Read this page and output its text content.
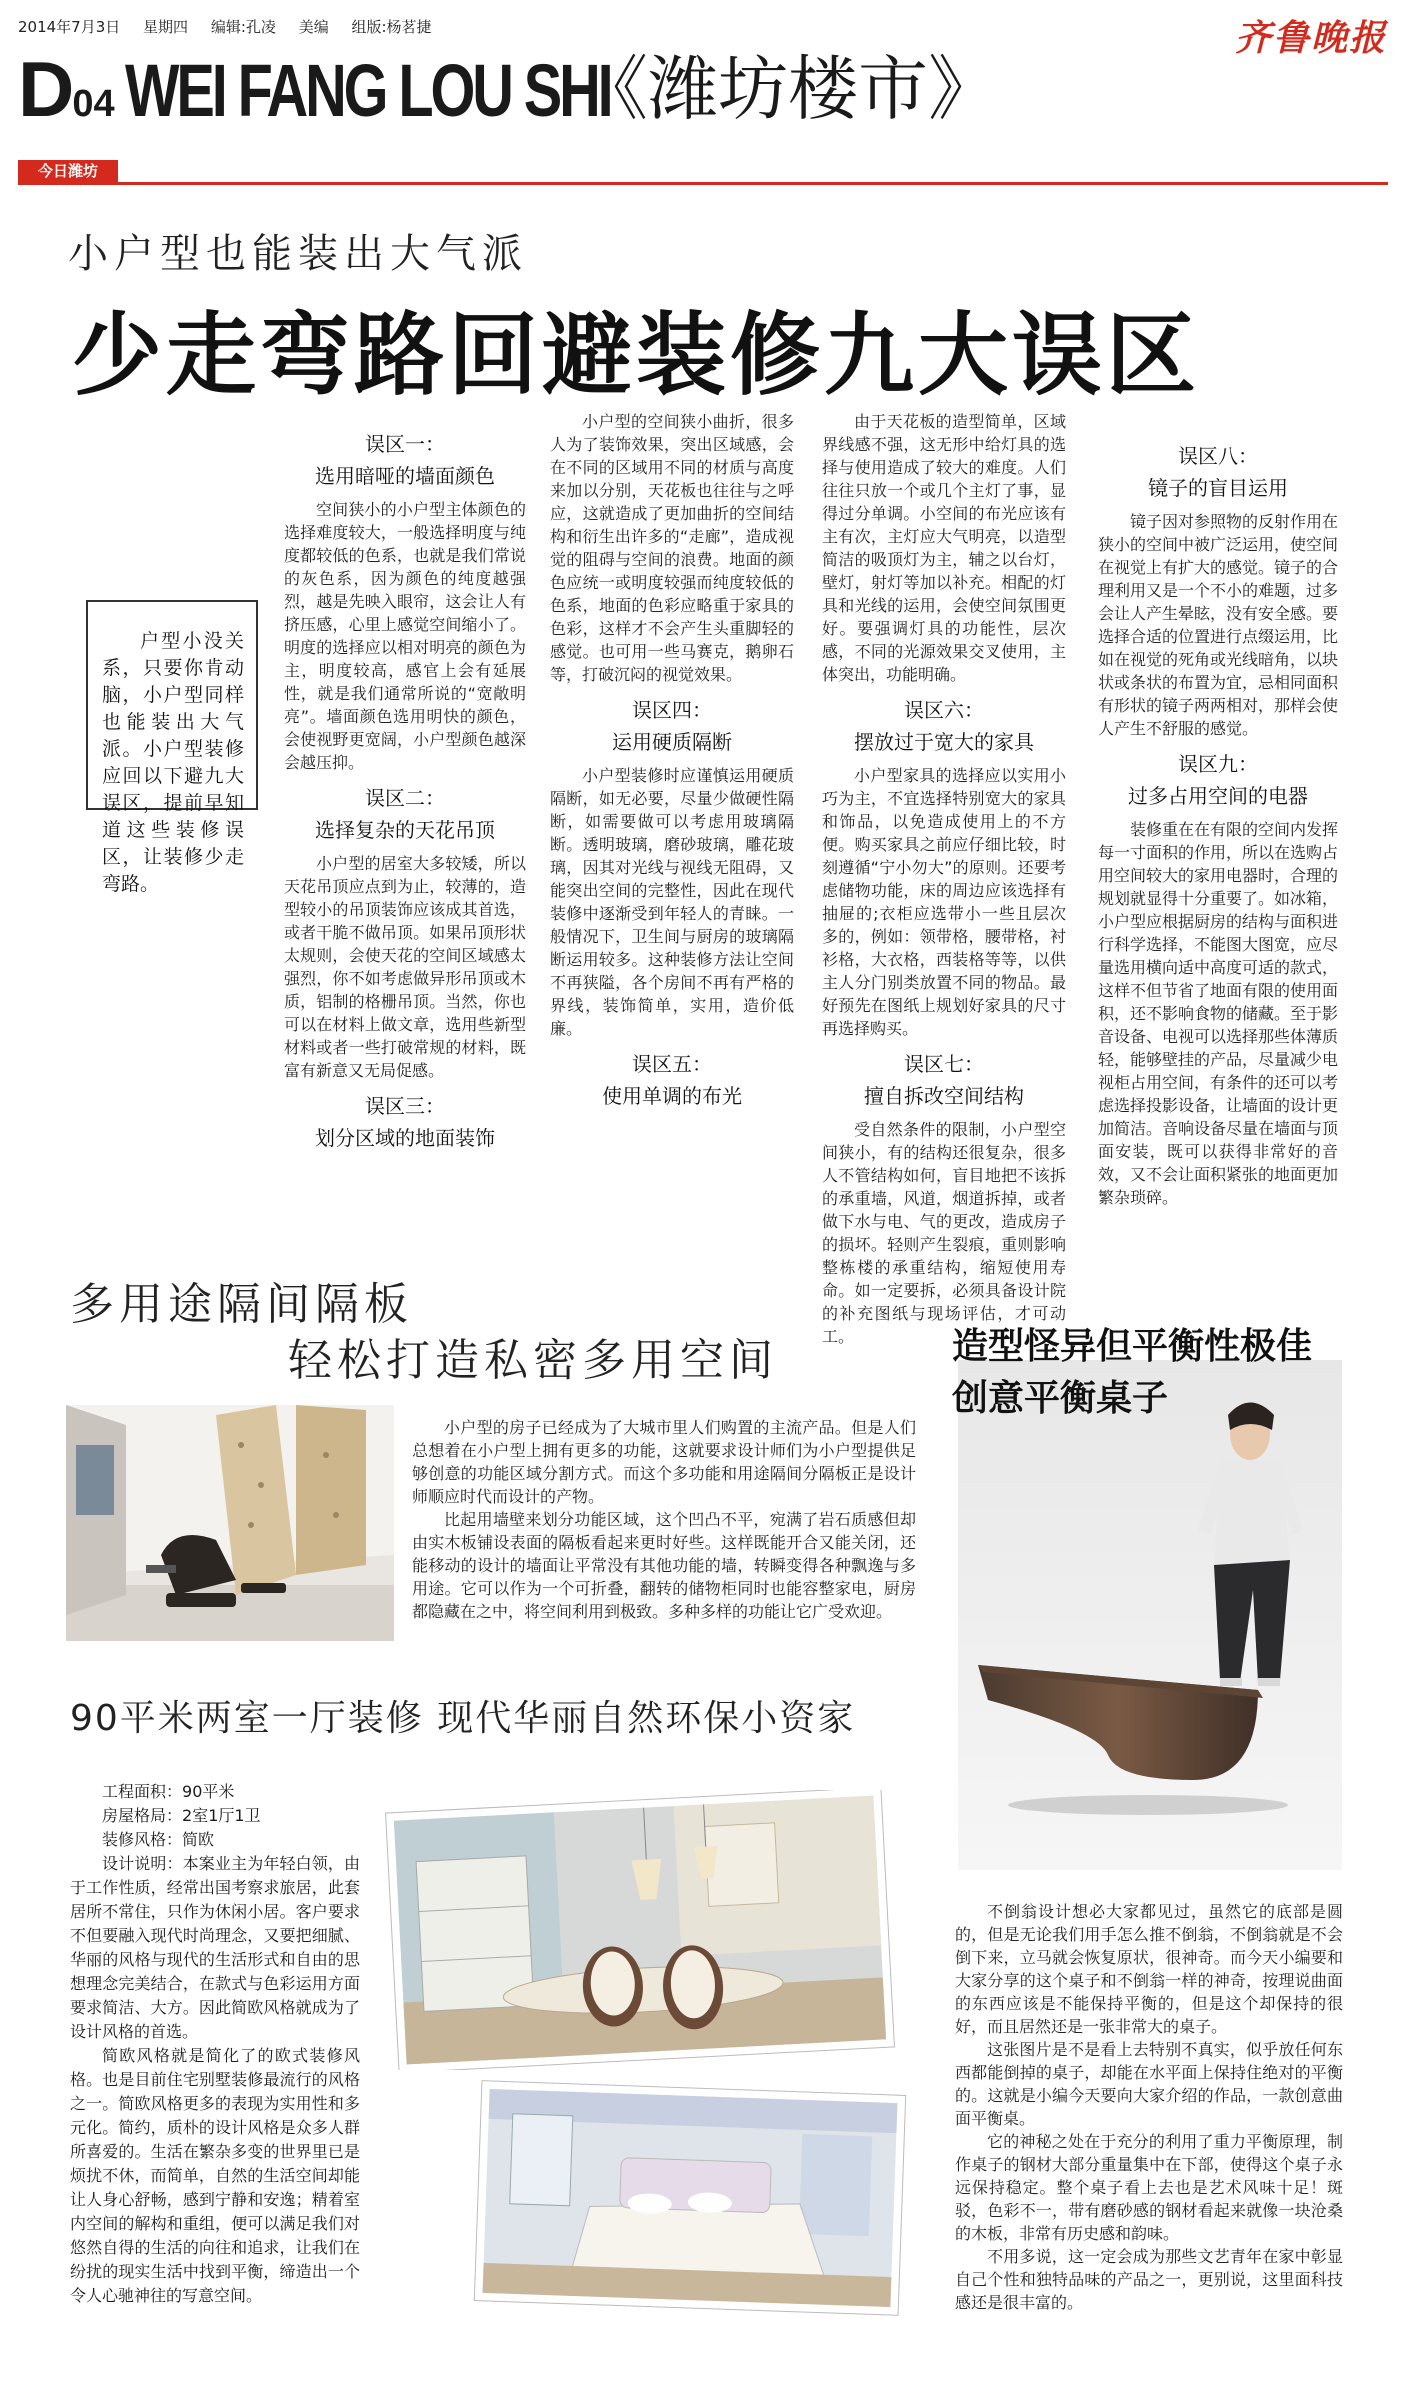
2014年7月3日 星期四 编辑:孔凌 美编 组版:杨茗捷	齐鲁晚报
D04 WEI FANG LOU SHI
《潍坊楼市》
今日潍坊
小户型也能装出大气派
少走弯路回避装修九大误区
户型小没关系，只要你肯动脑，小户型同样也能装出大气派。小户型装修应回以下避九大误区，提前早知道这些装修误区，让装修少走弯路。
误区一：
选用暗哑的墙面颜色

空间狭小的小户型主体颜色的选择难度较大，一般选择明度与纯度都较低的色系，也就是我们常说的灰色系，因为颜色的纯度越强烈，越是先映入眼帘，这会让人有挤压感，心里上感觉空间缩小了。明度的选择应以相对明亮的颜色为主，明度较高，感官上会有延展性，就是我们通常所说的“宽敞明亮”。墙面颜色选用明快的颜色，会使视野更宽阔，小户型颜色越深会越压抑。

误区二：
选择复杂的天花吊顶

小户型的居室大多较矮，所以天花吊顶应点到为止，较薄的，造型较小的吊顶装饰应该成其首选，或者干脆不做吊顶。如果吊顶形状太规则，会使天花的空间区域感太强烈，你不如考虑做异形吊顶或木质，铝制的格栅吊顶。当然，你也可以在材料上做文章，选用些新型材料或者一些打破常规的材料，既富有新意又无局促感。

误区三：
划分区域的地面装饰

小户型的空间狭小曲折，很多人为了装饰效果，突出区域感，会在不同的区域用不同的材质与高度来加以分别，天花板也往往与之呼应，这就造成了更加曲折的空间结构和衍生出许多的“走廊”，造成视觉的阻碍与空间的浪费。地面的颜色应统一或明度较强而纯度较低的色系，地面的色彩应略重于家具的色彩，这样才不会产生头重脚轻的感觉。也可用一些马赛克，鹅卵石等，打破沉闷的视觉效果。

误区四：
运用硬质隔断

小户型装修时应谨慎运用硬质隔断，如无必要，尽量少做硬性隔断，如需要做可以考虑用玻璃隔断。透明玻璃，磨砂玻璃，雕花玻璃，因其对光线与视线无阻碍，又能突出空间的完整性，因此在现代装修中逐渐受到年轻人的青睐。一般情况下，卫生间与厨房的玻璃隔断运用较多。这种装修方法让空间不再狭隘，各个房间不再有严格的界线，装饰简单，实用，造价低廉。

误区五：
使用单调的布光

由于天花板的造型简单，区域界线感不强，这无形中给灯具的选择与使用造成了较大的难度。人们往往只放一个或几个主灯了事，显得过分单调。小空间的布光应该有主有次，主灯应大气明亮，以造型简洁的吸顶灯为主，辅之以台灯，壁灯，射灯等加以补充。相配的灯具和光线的运用，会使空间氛围更好。要强调灯具的功能性，层次感，不同的光源效果交叉使用，主体突出，功能明确。

误区六：
摆放过于宽大的家具

小户型家具的选择应以实用小巧为主，不宜选择特别宽大的家具和饰品，以免造成使用上的不方便。购买家具之前应仔细比较，时刻遵循“宁小勿大”的原则。还要考虑储物功能，床的周边应该选择有抽屉的;衣柜应选带小一些且层次多的，例如：领带格，腰带格，衬衫格，大衣格，西装格等等，以供主人分门别类放置不同的物品。最好预先在图纸上规划好家具的尺寸再选择购买。

误区七：
擅自拆改空间结构

受自然条件的限制，小户型空间狭小，有的结构还很复杂，很多人不管结构如何，盲目地把不该拆的承重墙，风道，烟道拆掉，或者做下水与电、气的更改，造成房子的损坏。轻则产生裂痕，重则影响整栋楼的承重结构，缩短使用寿命。如一定要拆，必须具备设计院的补充图纸与现场评估，才可动工。

误区八：
镜子的盲目运用

镜子因对参照物的反射作用在狭小的空间中被广泛运用，使空间在视觉上有扩大的感觉。镜子的合理利用又是一个不小的难题，过多会让人产生晕眩，没有安全感。要选择合适的位置进行点缀运用，比如在视觉的死角或光线暗角，以块状或条状的布置为宜，忌相同面积有形状的镜子两两相对，那样会使人产生不舒服的感觉。

误区九：
过多占用空间的电器

装修重在在有限的空间内发挥每一寸面积的作用，所以在选购占用空间较大的家用电器时，合理的规划就显得十分重要了。如冰箱，小户型应根据厨房的结构与面积进行科学选择，不能图大图宽，应尽量选用横向适中高度可适的款式，这样不但节省了地面有限的使用面积，还不影响食物的储藏。至于影音设备、电视可以选择那些体薄质轻，能够壁挂的产品，尽量减少电视柜占用空间，有条件的还可以考虑选择投影设备，让墙面的设计更加简洁。音响设备尽量在墙面与顶面安装，既可以获得非常好的音效，又不会让面积紧张的地面更加繁杂琐碎。

多用途隔间隔板
轻松打造私密多用空间

小户型的房子已经成为了大城市里人们购置的主流产品。但是人们总想着在小户型上拥有更多的功能，这就要求设计师们为小户型提供足够创意的功能区域分割方式。而这个多功能和用途隔间分隔板正是设计师顺应时代而设计的产物。

比起用墙壁来划分功能区域，这个凹凸不平，宛满了岩石质感但却由实木板铺设表面的隔板看起来更时好些。这样既能开合又能关闭，还能移动的设计的墙面让平常没有其他功能的墙，转瞬变得各种飘逸与多用途。它可以作为一个可折叠，翻转的储物柜同时也能容整家电，厨房都隐藏在之中，将空间利用到极致。多种多样的功能让它广受欢迎。

90平米两室一厅装修 现代华丽自然环保小资家
工程面积：90平米
房屋格局：2室1厅1卫
装修风格：简欧

设计说明：本案业主为年轻白领，由于工作性质，经常出国考察求旅居，此套居所不常住，只作为休闲小居。客户要求不但要融入现代时尚理念，又要把细腻、华丽的风格与现代的生活形式和自由的思想理念完美结合，在款式与色彩运用方面要求简洁、大方。因此简欧风格就成为了设计风格的首选。

简欧风格就是简化了的欧式装修风格。也是目前住宅别墅装修最流行的风格之一。简欧风格更多的表现为实用性和多元化。简约，质朴的设计风格是众多人群所喜爱的。生活在繁杂多变的世界里已是烦扰不休，而简单，自然的生活空间却能让人身心舒畅，感到宁静和安逸；精着室内空间的解构和重组，便可以满足我们对悠然自得的生活的向往和追求，让我们在纷扰的现实生活中找到平衡，缔造出一个令人心驰神往的写意空间。

造型怪异但平衡性极佳
创意平衡桌子

不倒翁设计想必大家都见过，虽然它的底部是圆的，但是无论我们用手怎么推不倒翁，不倒翁就是不会倒下来，立马就会恢复原状，很神奇。而今天小编要和大家分享的这个桌子和不倒翁一样的神奇，按理说曲面的东西应该是不能保持平衡的，但是这个却保持的很好，而且居然还是一张非常大的桌子。

这张图片是不是看上去特别不真实，似乎放任何东西都能倒掉的桌子，却能在水平面上保持住绝对的平衡的。这就是小编今天要向大家介绍的作品，一款创意曲面平衡桌。

它的神秘之处在于充分的利用了重力平衡原理，制作桌子的钢材大部分重量集中在下部，使得这个桌子永远保持稳定。整个桌子看上去也是艺术风味十足！斑驳，色彩不一，带有磨砂感的钢材看起来就像一块沧桑的木板，非常有历史感和韵味。

不用多说，这一定会成为那些文艺青年在家中彰显自己个性和独特品味的产品之一，更别说，这里面科技感还是很丰富的。
